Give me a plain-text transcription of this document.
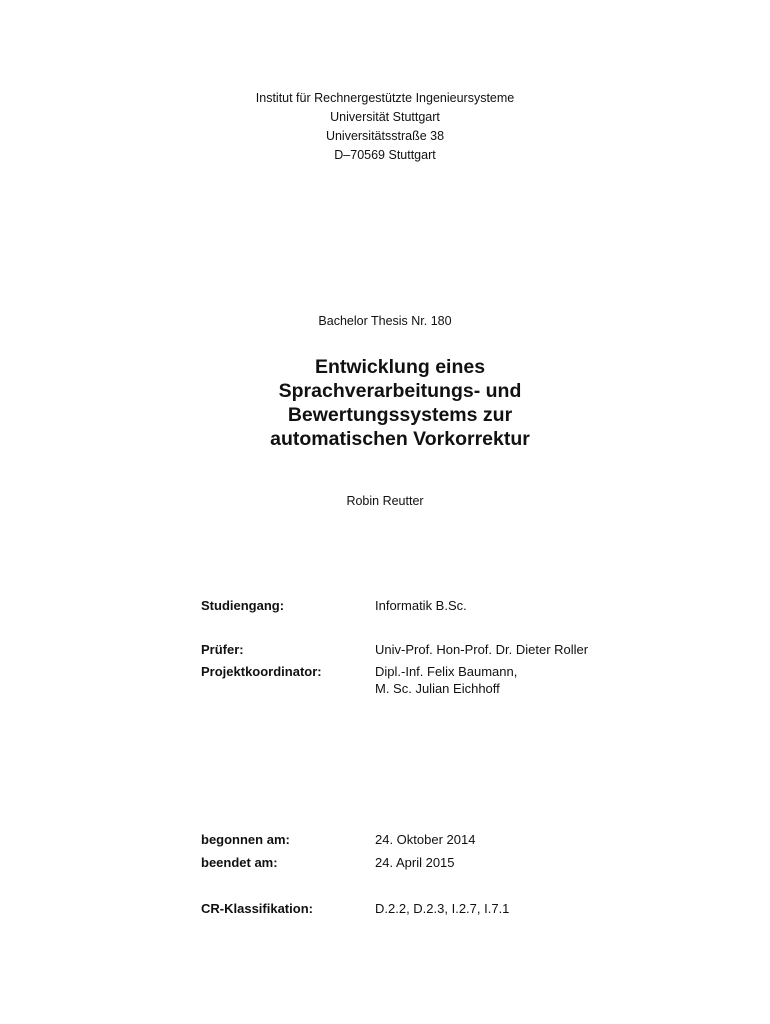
Institut für Rechnergestützte Ingenieursysteme
Universität Stuttgart
Universitätsstraße 38
D–70569 Stuttgart
Bachelor Thesis Nr. 180
Entwicklung eines
Sprachverarbeitungs- und
Bewertungssystems zur
automatischen Vorkorrektur
Robin Reutter
Studiengang:	Informatik B.Sc.
Prüfer:	Univ-Prof. Hon-Prof. Dr. Dieter Roller
Projektkoordinator:	Dipl.-Inf. Felix Baumann,
M. Sc. Julian Eichhoff
begonnen am:	24. Oktober 2014
beendet am:	24. April 2015
CR-Klassifikation:	D.2.2, D.2.3, I.2.7, I.7.1
